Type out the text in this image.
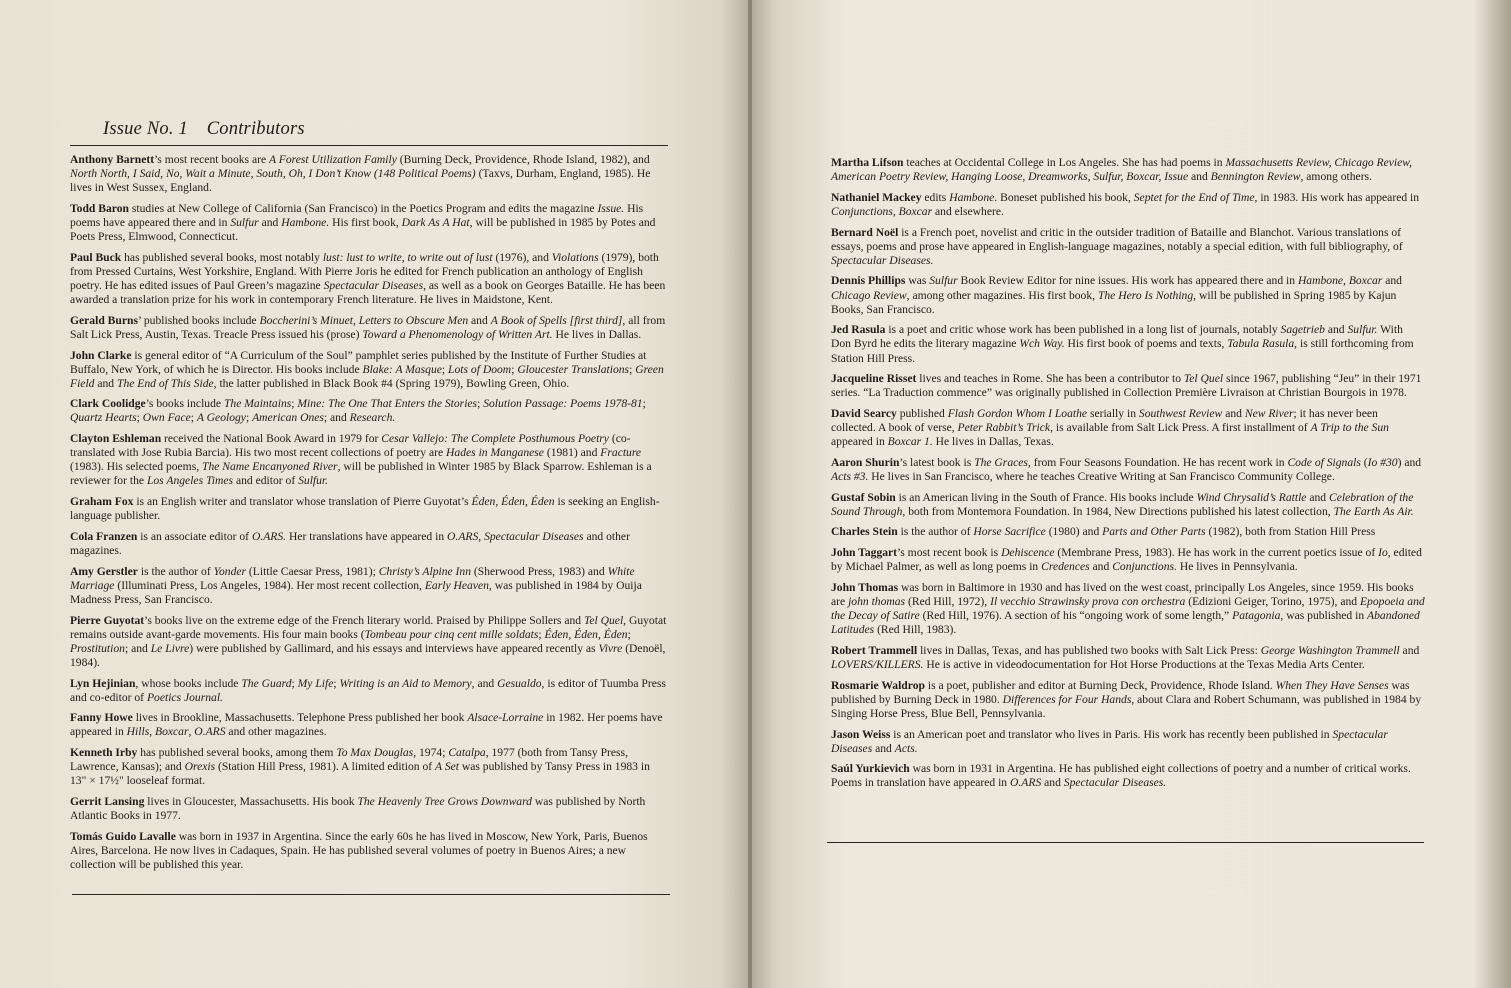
Issue No. 1 Contributors

Anthony Barnett’s most recent books are A Forest Utilization Family (Burning Deck, Providence, Rhode Island, 1982), and North North, I Said, No, Wait a Minute, South, Oh, I Don’t Know (148 Political Poems) (Taxvs, Durham, England, 1985). He lives in West Sussex, England.

Todd Baron studies at New College of California (San Francisco) in the Poetics Program and edits the magazine Issue. His poems have appeared there and in Sulfur and Hambone. His first book, Dark As A Hat, will be published in 1985 by Potes and Poets Press, Elmwood, Connecticut.

Paul Buck has published several books, most notably lust: lust to write, to write out of lust (1976), and Violations (1979), both from Pressed Curtains, West Yorkshire, England. With Pierre Joris he edited for French publication an anthology of English poetry. He has edited issues of Paul Green’s magazine Spectacular Diseases, as well as a book on Georges Bataille. He has been awarded a translation prize for his work in contemporary French literature. He lives in Maidstone, Kent.

Gerald Burns’ published books include Boccherini’s Minuet, Letters to Obscure Men and A Book of Spells [first third], all from Salt Lick Press, Austin, Texas. Treacle Press issued his (prose) Toward a Phenomenology of Written Art. He lives in Dallas.

John Clarke is general editor of “A Curriculum of the Soul” pamphlet series published by the Institute of Further Studies at Buffalo, New York, of which he is Director. His books include Blake: A Masque; Lots of Doom; Gloucester Translations; Green Field and The End of This Side, the latter published in Black Book #4 (Spring 1979), Bowling Green, Ohio.

Clark Coolidge’s books include The Maintains; Mine: The One That Enters the Stories; Solution Passage: Poems 1978-81; Quartz Hearts; Own Face; A Geology; American Ones; and Research.

Clayton Eshleman received the National Book Award in 1979 for Cesar Vallejo: The Complete Posthumous Poetry (co-translated with Jose Rubia Barcia). His two most recent collections of poetry are Hades in Manganese (1981) and Fracture (1983). His selected poems, The Name Encanyoned River, will be published in Winter 1985 by Black Sparrow. Eshleman is a reviewer for the Los Angeles Times and editor of Sulfur.

Graham Fox is an English writer and translator whose translation of Pierre Guyotat’s Éden, Éden, Éden is seeking an English-language publisher.

Cola Franzen is an associate editor of O.ARS. Her translations have appeared in O.ARS, Spectacular Diseases and other magazines.

Amy Gerstler is the author of Yonder (Little Caesar Press, 1981); Christy’s Alpine Inn (Sherwood Press, 1983) and White Marriage (Illuminati Press, Los Angeles, 1984). Her most recent collection, Early Heaven, was published in 1984 by Ouija Madness Press, San Francisco.

Pierre Guyotat’s books live on the extreme edge of the French literary world. Praised by Philippe Sollers and Tel Quel, Guyotat remains outside avant-garde movements. His four main books (Tombeau pour cinq cent mille soldats; Éden, Éden, Éden; Prostitution; and Le Livre) were published by Gallimard, and his essays and interviews have appeared recently as Vivre (Denoël, 1984).

Lyn Hejinian, whose books include The Guard; My Life; Writing is an Aid to Memory, and Gesualdo, is editor of Tuumba Press and co-editor of Poetics Journal.

Fanny Howe lives in Brookline, Massachusetts. Telephone Press published her book Alsace-Lorraine in 1982. Her poems have appeared in Hills, Boxcar, O.ARS and other magazines.

Kenneth Irby has published several books, among them To Max Douglas, 1974; Catalpa, 1977 (both from Tansy Press, Lawrence, Kansas); and Orexis (Station Hill Press, 1981). A limited edition of A Set was published by Tansy Press in 1983 in 13" × 17½" looseleaf format.

Gerrit Lansing lives in Gloucester, Massachusetts. His book The Heavenly Tree Grows Downward was published by North Atlantic Books in 1977.

Tomás Guido Lavalle was born in 1937 in Argentina. Since the early 60s he has lived in Moscow, New York, Paris, Buenos Aires, Barcelona. He now lives in Cadaques, Spain. He has published several volumes of poetry in Buenos Aires; a new collection will be published this year.

Martha Lifson teaches at Occidental College in Los Angeles. She has had poems in Massachusetts Review, Chicago Review, American Poetry Review, Hanging Loose, Dreamworks, Sulfur, Boxcar, Issue and Bennington Review, among others.

Nathaniel Mackey edits Hambone. Boneset published his book, Septet for the End of Time, in 1983. His work has appeared in Conjunctions, Boxcar and elsewhere.

Bernard Noël is a French poet, novelist and critic in the outsider tradition of Bataille and Blanchot. Various translations of essays, poems and prose have appeared in English-language magazines, notably a special edition, with full bibliography, of Spectacular Diseases.

Dennis Phillips was Sulfur Book Review Editor for nine issues. His work has appeared there and in Hambone, Boxcar and Chicago Review, among other magazines. His first book, The Hero Is Nothing, will be published in Spring 1985 by Kajun Books, San Francisco.

Jed Rasula is a poet and critic whose work has been published in a long list of journals, notably Sagetrieb and Sulfur. With Don Byrd he edits the literary magazine Wch Way. His first book of poems and texts, Tabula Rasula, is still forthcoming from Station Hill Press.

Jacqueline Risset lives and teaches in Rome. She has been a contributor to Tel Quel since 1967, publishing “Jeu” in their 1971 series. “La Traduction commence” was originally published in Collection Première Livraison at Christian Bourgois in 1978.

David Searcy published Flash Gordon Whom I Loathe serially in Southwest Review and New River; it has never been collected. A book of verse, Peter Rabbit’s Trick, is available from Salt Lick Press. A first installment of A Trip to the Sun appeared in Boxcar 1. He lives in Dallas, Texas.

Aaron Shurin’s latest book is The Graces, from Four Seasons Foundation. He has recent work in Code of Signals (Io #30) and Acts #3. He lives in San Francisco, where he teaches Creative Writing at San Francisco Community College.

Gustaf Sobin is an American living in the South of France. His books include Wind Chrysalid’s Rattle and Celebration of the Sound Through, both from Montemora Foundation. In 1984, New Directions published his latest collection, The Earth As Air.

Charles Stein is the author of Horse Sacrifice (1980) and Parts and Other Parts (1982), both from Station Hill Press

John Taggart’s most recent book is Dehiscence (Membrane Press, 1983). He has work in the current poetics issue of Io, edited by Michael Palmer, as well as long poems in Credences and Conjunctions. He lives in Pennsylvania.

John Thomas was born in Baltimore in 1930 and has lived on the west coast, principally Los Angeles, since 1959. His books are john thomas (Red Hill, 1972), Il vecchio Strawinsky prova con orchestra (Edizioni Geiger, Torino, 1975), and Epopoeia and the Decay of Satire (Red Hill, 1976). A section of his “ongoing work of some length,” Patagonia, was published in Abandoned Latitudes (Red Hill, 1983).

Robert Trammell lives in Dallas, Texas, and has published two books with Salt Lick Press: George Washington Trammell and LOVERS/KILLERS. He is active in videodocumentation for Hot Horse Productions at the Texas Media Arts Center.

Rosmarie Waldrop is a poet, publisher and editor at Burning Deck, Providence, Rhode Island. When They Have Senses was published by Burning Deck in 1980. Differences for Four Hands, about Clara and Robert Schumann, was published in 1984 by Singing Horse Press, Blue Bell, Pennsylvania.

Jason Weiss is an American poet and translator who lives in Paris. His work has recently been published in Spectacular Diseases and Acts.

Saúl Yurkievich was born in 1931 in Argentina. He has published eight collections of poetry and a number of critical works. Poems in translation have appeared in O.ARS and Spectacular Diseases.
